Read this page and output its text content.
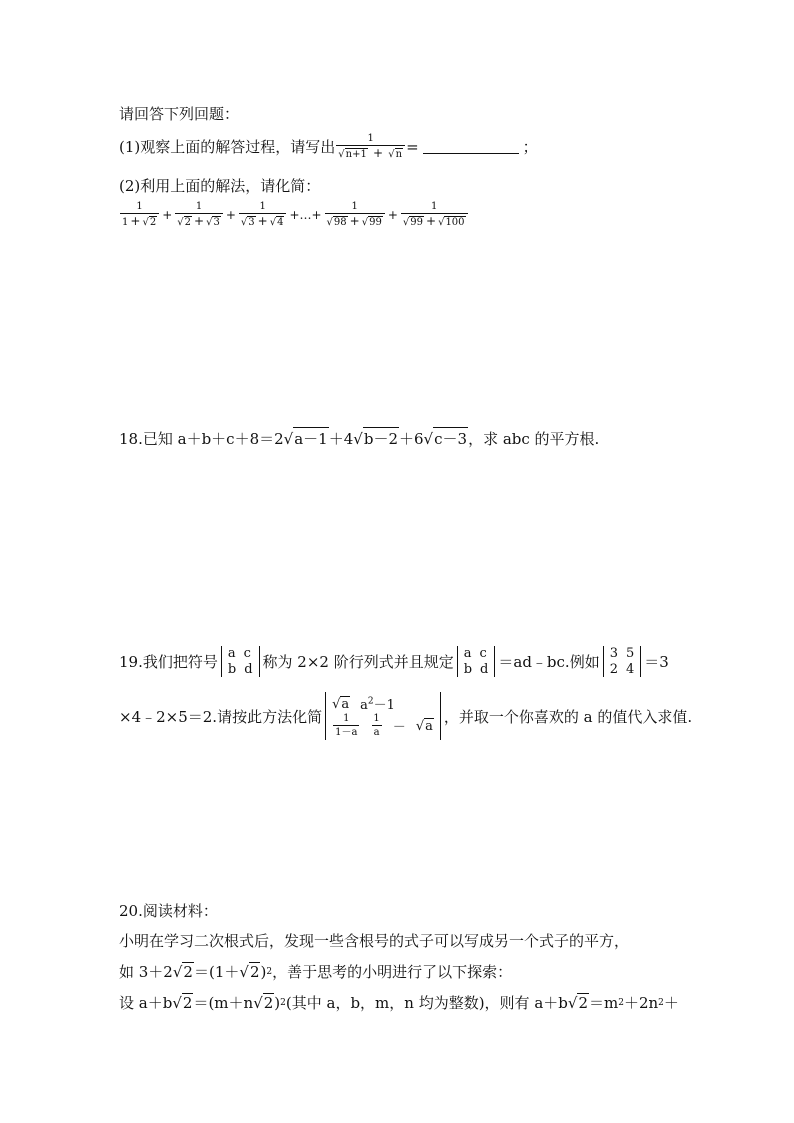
请回答下列回题：
(1)观察上面的解答过程，请写出 $\frac{1}{√n+1 + √n}$ =	；
(2)利用上面的解法，请化简：
$\frac{1}{1 + √2} + \frac{1}{√2 + √3} + \frac{1}{√3 + √4}$ +…+ $\frac{1}{√98 + √99} + \frac{1}{√99 + √100}$
18.已知 a＋b＋c＋8＝2 √a－1 ＋4 √b－2 ＋6 √c－3 ，求 abc 的平方根.
19.我们把符号 a c
b d 称为 2×2 阶行列式并且规定 a c
b d ＝ad﹣bc.例如 3 5
2 4 ＝3
×4﹣2×5＝2.请按此方法化简
√a $a^2-1$
$\frac{1}{1-a} \frac{1}{a} - √a$
，并取一个你喜欢的 a 的值代入求值.
20.阅读材料：
小明在学习二次根式后，发现一些含根号的式子可以写成另一个式子的平方，
如 3＋2 √2 ＝(1＋ √2 ) 2 ，善于思考的小明进行了以下探索：
设 a＋b √2 ＝(m＋n √2 ) 2 (其中 a，b，m，n 均为整数)，则有 a＋b √2 ＝m 2 ＋2n 2 ＋
